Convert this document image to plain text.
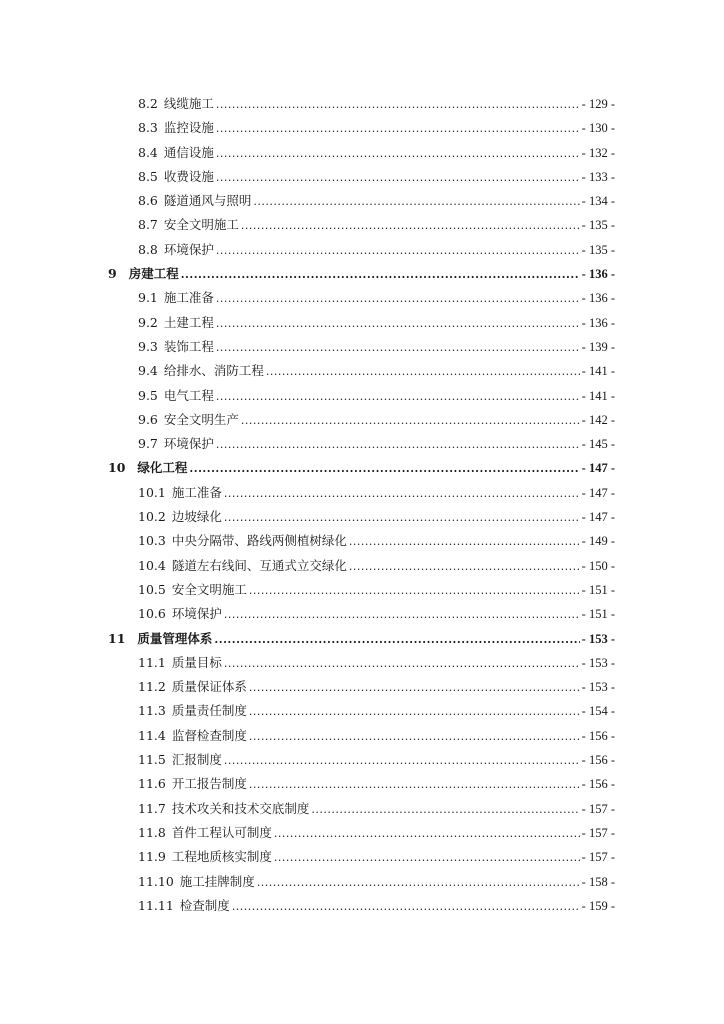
8.2 线缆施工 .....	- 129 -
8.3 监控设施 .....	- 130 -
8.4 通信设施 .....	- 132 -
8.5 收费设施 .....	- 133 -
8.6 隧道通风与照明 .....	- 134 -
8.7 安全文明施工 .....	- 135 -
8.8 环境保护 .....	- 135 -
9 房建工程 .....	- 136 -
9.1 施工准备 .....	- 136 -
9.2 土建工程 .....	- 136 -
9.3 装饰工程 .....	- 139 -
9.4 给排水、消防工程 .....	- 141 -
9.5 电气工程 .....	- 141 -
9.6 安全文明生产 .....	- 142 -
9.7 环境保护 .....	- 145 -
10 绿化工程 .....	- 147 -
10.1 施工准备 .....	- 147 -
10.2 边坡绿化 .....	- 147 -
10.3 中央分隔带、路线两侧植树绿化 .....	- 149 -
10.4 隧道左右线间、互通式立交绿化 .....	- 150 -
10.5 安全文明施工 .....	- 151 -
10.6 环境保护 .....	- 151 -
11 质量管理体系 .....	- 153 -
11.1 质量目标 .....	- 153 -
11.2 质量保证体系 .....	- 153 -
11.3 质量责任制度 .....	- 154 -
11.4 监督检查制度 .....	- 156 -
11.5 汇报制度 .....	- 156 -
11.6 开工报告制度 .....	- 156 -
11.7 技术攻关和技术交底制度 .....	- 157 -
11.8 首件工程认可制度 .....	- 157 -
11.9 工程地质核实制度 .....	- 157 -
11.10 施工挂牌制度 .....	- 158 -
11.11 检查制度 .....	- 159 -
